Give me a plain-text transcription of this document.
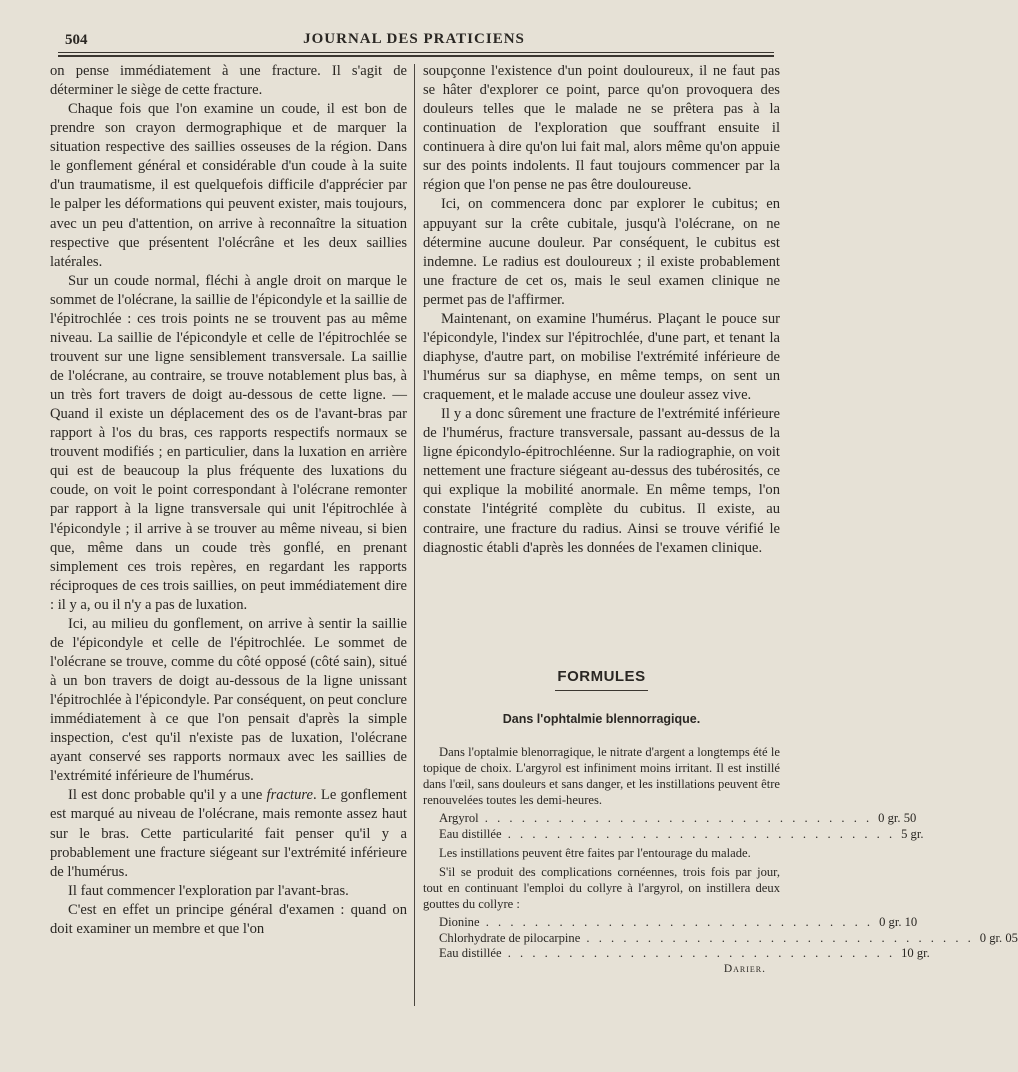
504	JOURNAL DES PRATICIENS

on pense immédiatement à une fracture. Il s'agit de déterminer le siège de cette fracture.

Chaque fois que l'on examine un coude, il est bon de prendre son crayon dermographique et de marquer la situation respective des saillies osseuses de la région. Dans le gonflement général et considérable d'un coude à la suite d'un traumatisme, il est quelquefois difficile d'apprécier par le palper les déformations qui peuvent exister, mais toujours, avec un peu d'attention, on arrive à reconnaître la situation respective que présentent l'olécrâne et les deux saillies latérales.

Sur un coude normal, fléchi à angle droit on marque le sommet de l'olécrane, la saillie de l'épicondyle et la saillie de l'épitrochlée : ces trois points ne se trouvent pas au même niveau. La saillie de l'épicondyle et celle de l'épitrochlée se trouvent sur une ligne sensiblement transversale. La saillie de l'olécrane, au contraire, se trouve notablement plus bas, à un très fort travers de doigt au-dessous de cette ligne. — Quand il existe un déplacement des os de l'avant-bras par rapport à l'os du bras, ces rapports respectifs normaux se trouvent modifiés ; en particulier, dans la luxation en arrière qui est de beaucoup la plus fréquente des luxations du coude, on voit le point correspondant à l'olécrane remonter par rapport à la ligne transversale qui unit l'épitrochlée à l'épicondyle ; il arrive à se trouver au même niveau, si bien que, même dans un coude très gonflé, en prenant simplement ces trois repères, en regardant les rapports réciproques de ces trois saillies, on peut immédiatement dire : il y a, ou il n'y a pas de luxation.

Ici, au milieu du gonflement, on arrive à sentir la saillie de l'épicondyle et celle de l'épitrochlée. Le sommet de l'olécrane se trouve, comme du côté opposé (côté sain), situé à un bon travers de doigt au-dessous de la ligne unissant l'épitrochlée à l'épicondyle. Par conséquent, on peut conclure immédiatement à ce que l'on pensait d'après la simple inspection, c'est qu'il n'existe pas de luxation, l'olécrane ayant conservé ses rapports normaux avec les saillies de l'extrémité inférieure de l'humérus.

Il est donc probable qu'il y a une fracture. Le gonflement est marqué au niveau de l'olécrane, mais remonte assez haut sur le bras. Cette particularité fait penser qu'il y a probablement une fracture siégeant sur l'extrémité inférieure de l'humérus.

Il faut commencer l'exploration par l'avant-bras.

C'est en effet un principe général d'examen : quand on doit examiner un membre et que l'on

soupçonne l'existence d'un point douloureux, il ne faut pas se hâter d'explorer ce point, parce qu'on provoquera des douleurs telles que le malade ne se prêtera pas à la continuation de l'exploration que souffrant ensuite il continuera à dire qu'on lui fait mal, alors même qu'on appuie sur des points indolents. Il faut toujours commencer par la région que l'on pense ne pas être douloureuse.

Ici, on commencera donc par explorer le cubitus; en appuyant sur la crête cubitale, jusqu'à l'olécrane, on ne détermine aucune douleur. Par conséquent, le cubitus est indemne. Le radius est douloureux ; il existe probablement une fracture de cet os, mais le seul examen clinique ne permet pas de l'affirmer.

Maintenant, on examine l'humérus. Plaçant le pouce sur l'épicondyle, l'index sur l'épitrochlée, d'une part, et tenant la diaphyse, d'autre part, on mobilise l'extrémité inférieure de l'humérus sur sa diaphyse, en même temps, on sent un craquement, et le malade accuse une douleur assez vive.

Il y a donc sûrement une fracture de l'extrémité inférieure de l'humérus, fracture transversale, passant au-dessus de la ligne épicondylo-épitrochléenne. Sur la radiographie, on voit nettement une fracture siégeant au-dessus des tubérosités, ce qui explique la mobilité anormale. En même temps, l'on constate l'intégrité complète du cubitus. Il existe, au contraire, une fracture du radius. Ainsi se trouve vérifié le diagnostic établi d'après les données de l'examen clinique.

FORMULES
Dans l'ophtalmie blennorragique.

Dans l'optalmie blenorragique, le nitrate d'argent a longtemps été le topique de choix. L'argyrol est infiniment moins irritant. Il est instillé dans l'œil, sans douleurs et sans danger, et les instillations peuvent être renouvelées toutes les demi-heures.

Argyrol . . . . . . . . . . . . . . . . . . . . . . . . . . . . . . . . 0 gr. 50
Eau distillée . . . . . . . . . . . . . . . . . . . . . . . . . . . . . . . . 5 gr.

Les instillations peuvent être faites par l'entourage du malade.

S'il se produit des complications cornéennes, trois fois par jour, tout en continuant l'emploi du collyre à l'argyrol, on instillera deux gouttes du collyre :

Dionine . . . . . . . . . . . . . . . . . . . . . . . . . . . . . . . . 0 gr. 10
Chlorhydrate de pilocarpine . . . . . . . . . . . . . . . . . . . . . . . . . . . . . . . . 0 gr. 05
Eau distillée . . . . . . . . . . . . . . . . . . . . . . . . . . . . . . . . 10 gr.
Darier.
